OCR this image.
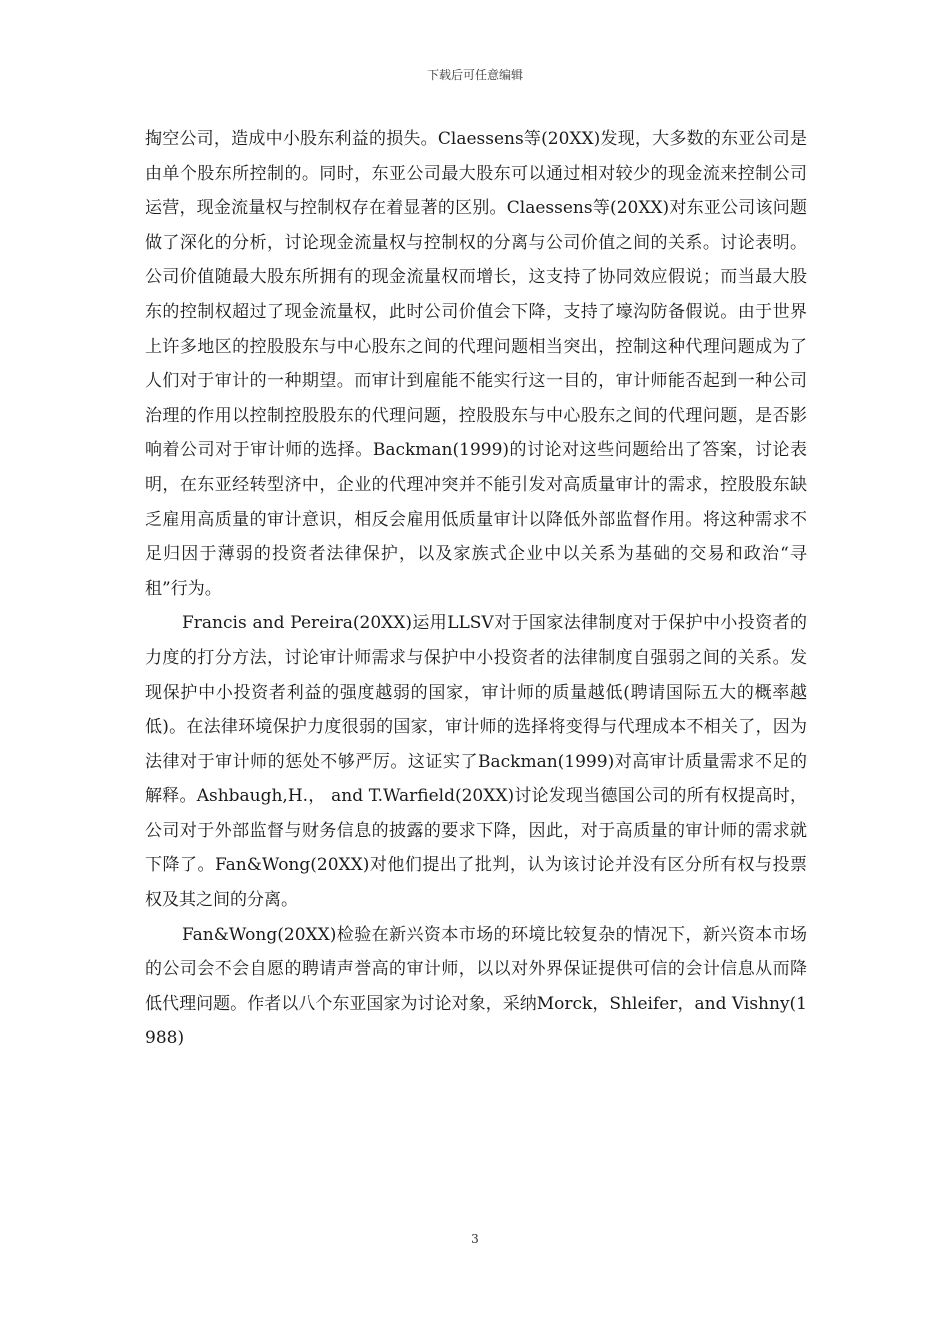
下载后可任意编辑

掏空公司，造成中小股东利益的损失。Claessens等(20XX)发现，大多数的东亚公司是由单个股东所控制的。同时，东亚公司最大股东可以通过相对较少的现金流来控制公司运营，现金流量权与控制权存在着显著的区别。Claessens等(20XX)对东亚公司该问题做了深化的分析，讨论现金流量权与控制权的分离与公司价值之间的关系。讨论表明。公司价值随最大股东所拥有的现金流量权而增长，这支持了协同效应假说；而当最大股东的控制权超过了现金流量权，此时公司价值会下降，支持了壕沟防备假说。由于世界上许多地区的控股股东与中心股东之间的代理问题相当突出，控制这种代理问题成为了人们对于审计的一种期望。而审计到雇能不能实行这一目的，审计师能否起到一种公司治理的作用以控制控股股东的代理问题，控股股东与中心股东之间的代理问题，是否影响着公司对于审计师的选择。Backman(1999)的讨论对这些问题给出了答案，讨论表明，在东亚经转型济中，企业的代理冲突并不能引发对高质量审计的需求，控股股东缺乏雇用高质量的审计意识，相反会雇用低质量审计以降低外部监督作用。将这种需求不足归因于薄弱的投资者法律保护，以及家族式企业中以关系为基础的交易和政治“寻租”行为。

Francis and Pereira(20XX)运用LLSV对于国家法律制度对于保护中小投资者的力度的打分方法，讨论审计师需求与保护中小投资者的法律制度自强弱之间的关系。发现保护中小投资者利益的强度越弱的国家，审计师的质量越低(聘请国际五大的概率越低)。在法律环境保护力度很弱的国家，审计师的选择将变得与代理成本不相关了，因为法律对于审计师的惩处不够严厉。这证实了Backman(1999)对高审计质量需求不足的解释。Ashbaugh,H.， and T.Warfield(20XX)讨论发现当德国公司的所有权提高时，公司对于外部监督与财务信息的披露的要求下降，因此，对于高质量的审计师的需求就下降了。Fan&Wong(20XX)对他们提出了批判，认为该讨论并没有区分所有权与投票权及其之间的分离。

Fan&Wong(20XX)检验在新兴资本市场的环境比较复杂的情况下，新兴资本市场的公司会不会自愿的聘请声誉高的审计师，以以对外界保证提供可信的会计信息从而降低代理问题。作者以八个东亚国家为讨论对象，采纳Morck，Shleifer，and Vishny(1988)

3
